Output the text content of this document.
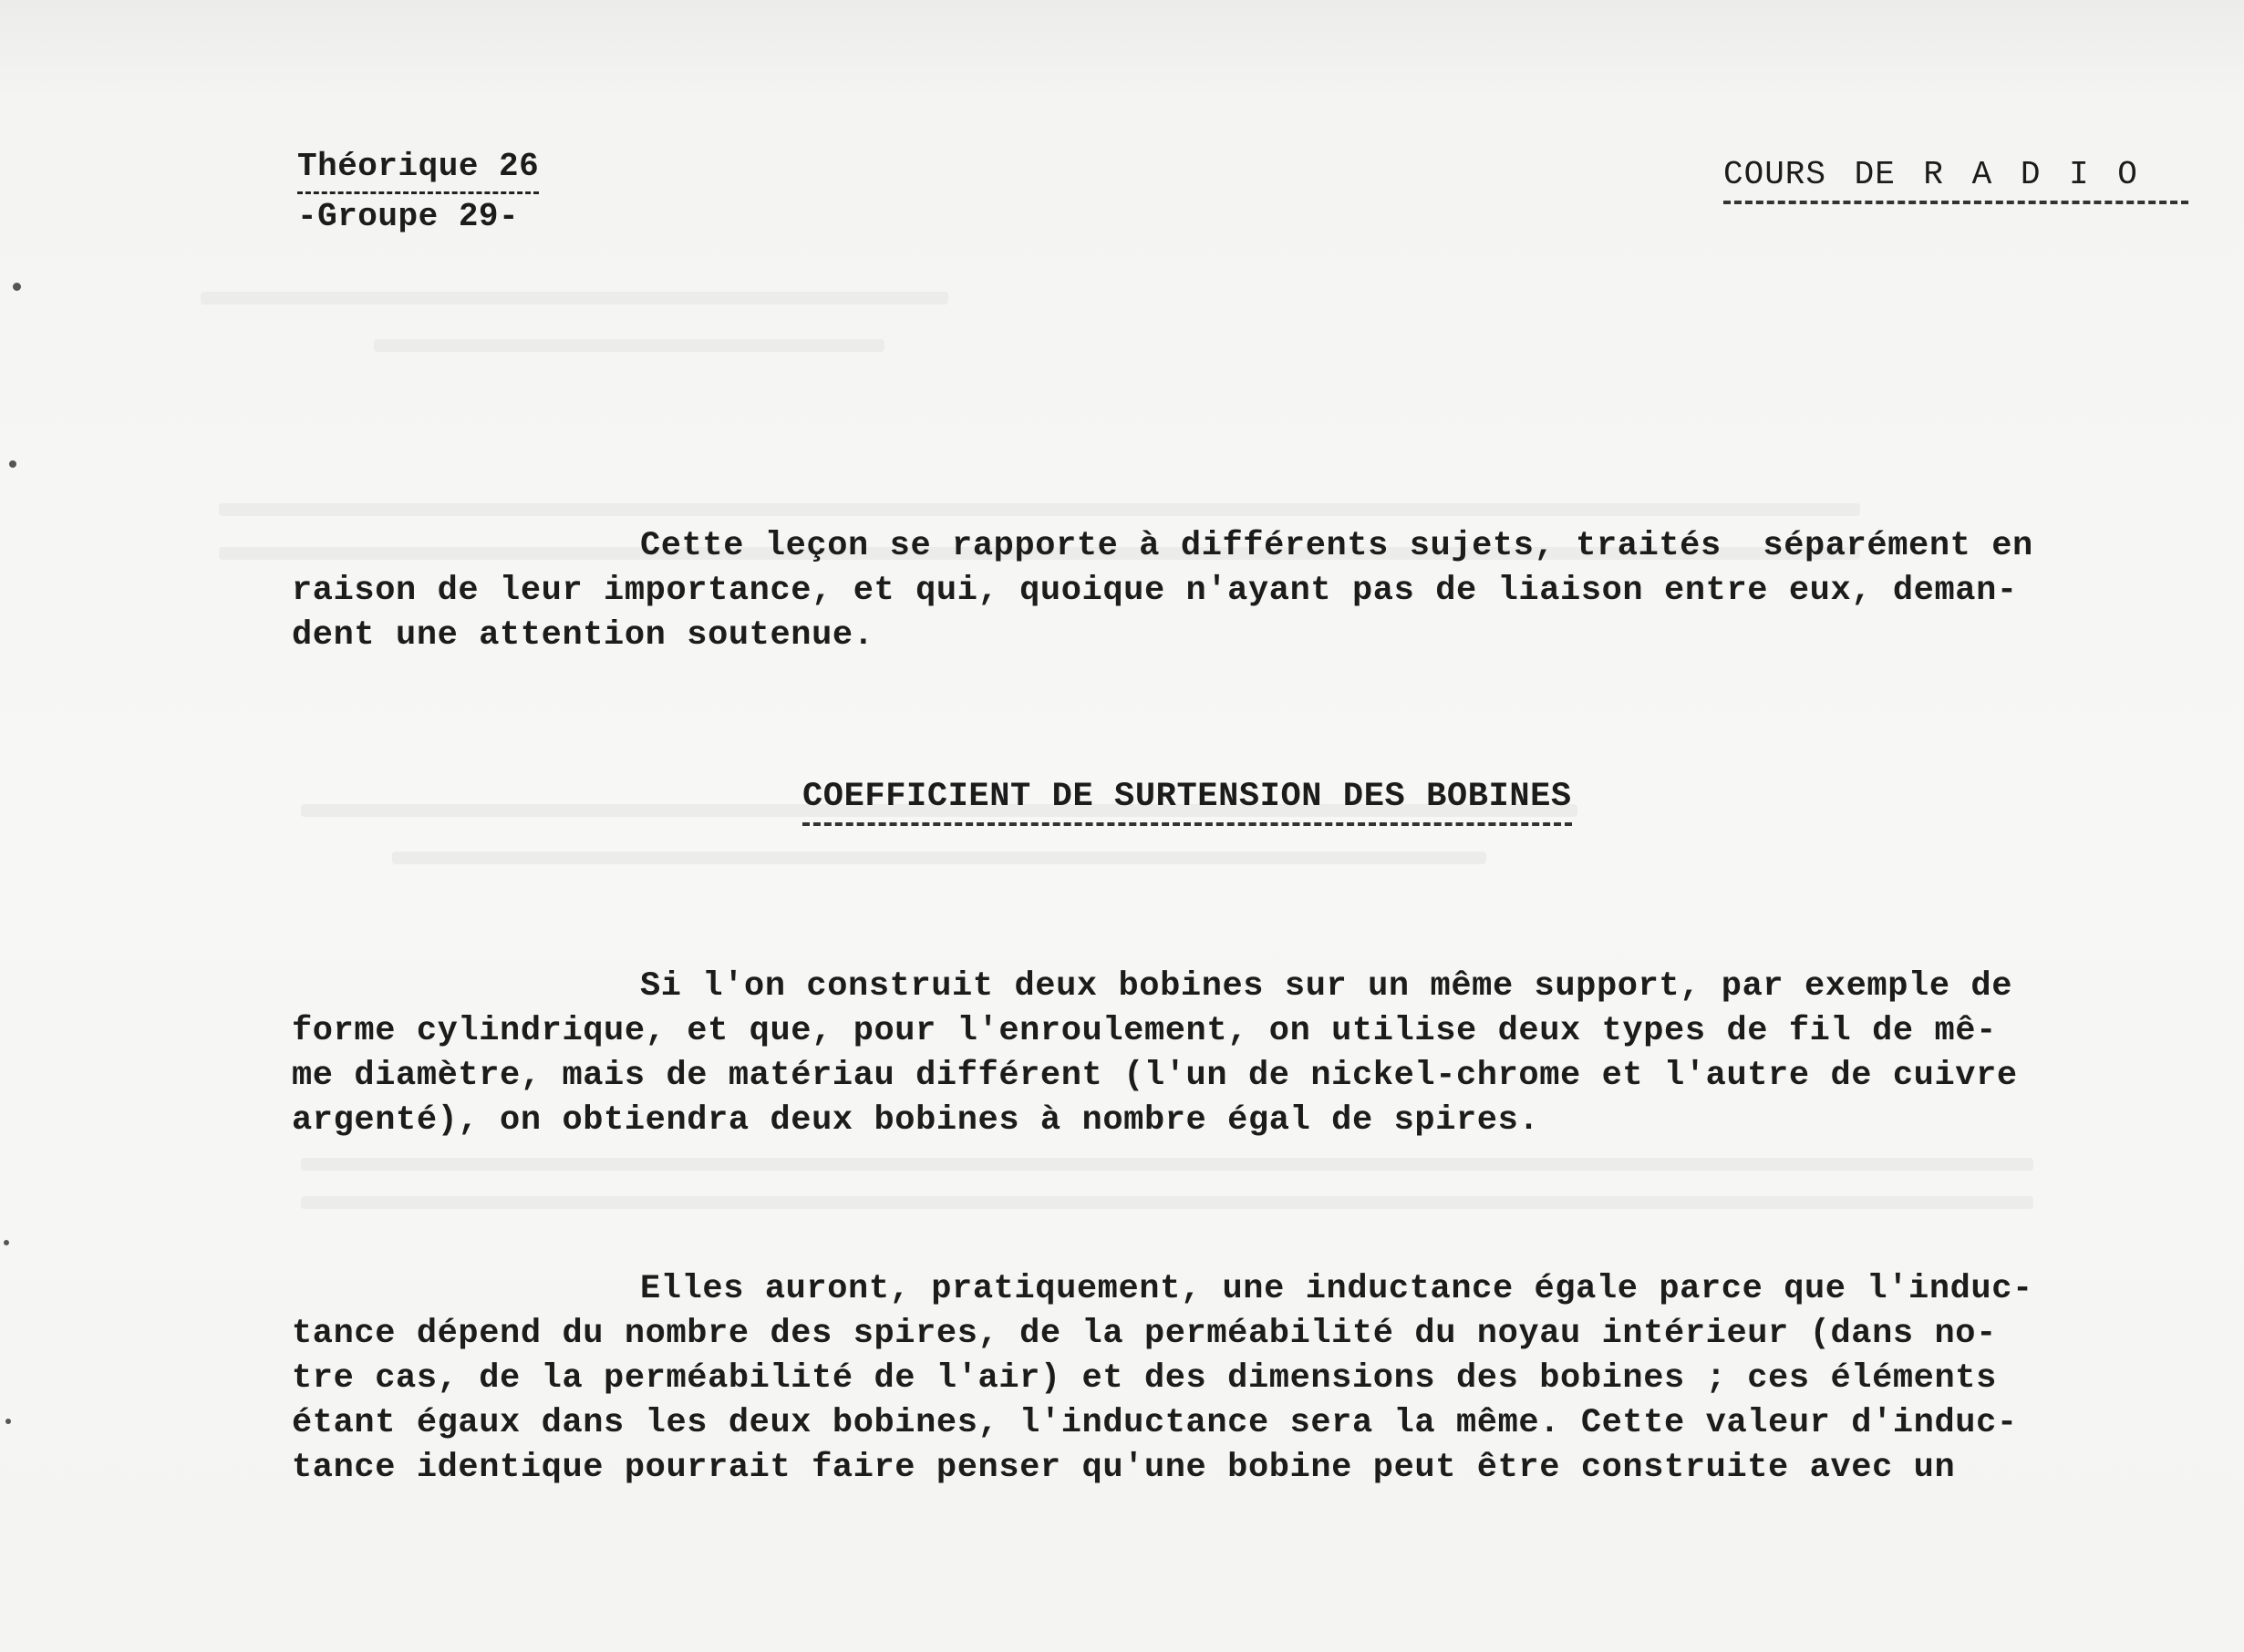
Théorique 26
-Groupe 29-
COURS DE R A D I O
Cette leçon se rapporte à différents sujets, traités  séparément en
raison de leur importance, et qui, quoique n'ayant pas de liaison entre eux, deman-
dent une attention soutenue.
COEFFICIENT DE SURTENSION DES BOBINES
Si l'on construit deux bobines sur un même support, par exemple de
forme cylindrique, et que, pour l'enroulement, on utilise deux types de fil de mê-
me diamètre, mais de matériau différent (l'un de nickel-chrome et l'autre de cuivre
argenté), on obtiendra deux bobines à nombre égal de spires.
Elles auront, pratiquement, une inductance égale parce que l'induc-
tance dépend du nombre des spires, de la perméabilité du noyau intérieur (dans no-
tre cas, de la perméabilité de l'air) et des dimensions des bobines ; ces éléments
étant égaux dans les deux bobines, l'inductance sera la même. Cette valeur d'induc-
tance identique pourrait faire penser qu'une bobine peut être construite avec un
